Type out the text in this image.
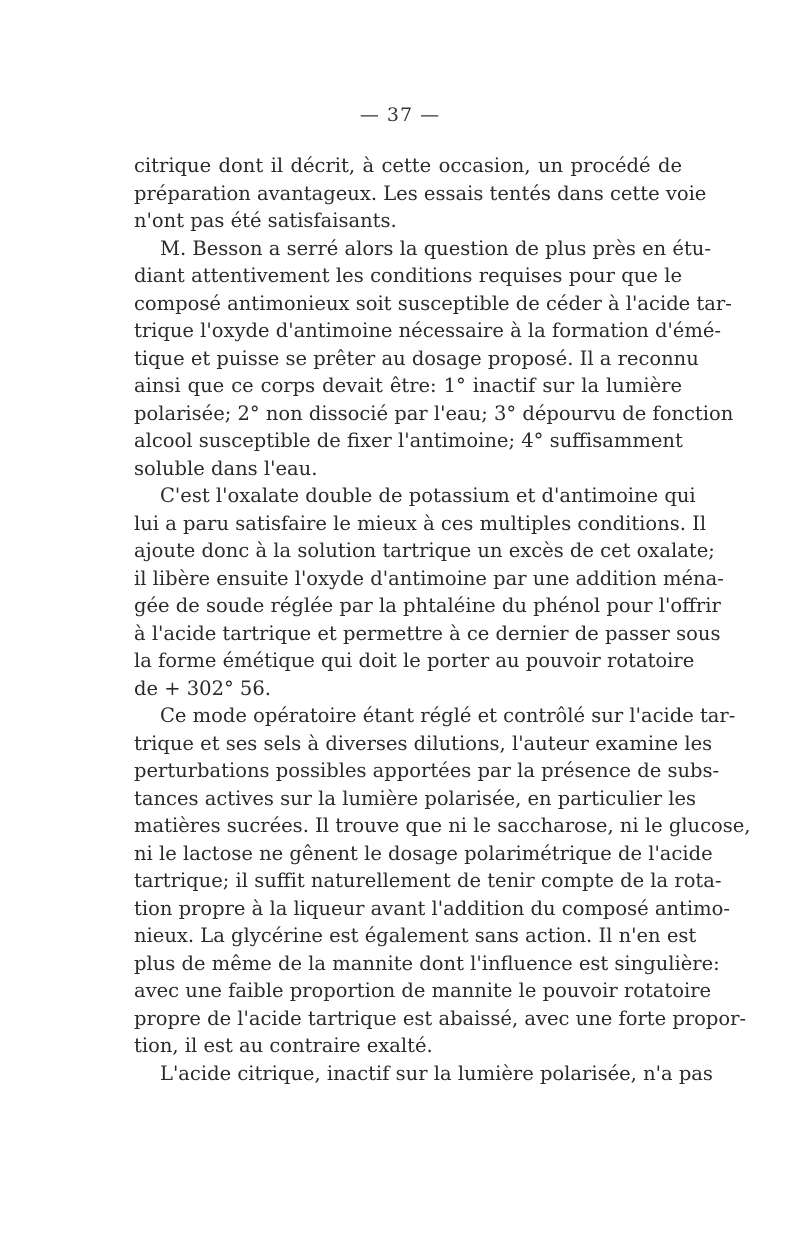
— 37 —
citrique dont il décrit, à cette occasion, un procédé de
préparation avantageux. Les essais tentés dans cette voie
n'ont pas été satisfaisants.
M. Besson a serré alors la question de plus près en étu-
diant attentivement les conditions requises pour que le
composé antimonieux soit susceptible de céder à l'acide tar-
trique l'oxyde d'antimoine nécessaire à la formation d'émé-
tique et puisse se prêter au dosage proposé. Il a reconnu
ainsi que ce corps devait être: 1° inactif sur la lumière
polarisée; 2° non dissocié par l'eau; 3° dépourvu de fonction
alcool susceptible de fixer l'antimoine; 4° suffisamment
soluble dans l'eau.
C'est l'oxalate double de potassium et d'antimoine qui
lui a paru satisfaire le mieux à ces multiples conditions. Il
ajoute donc à la solution tartrique un excès de cet oxalate;
il libère ensuite l'oxyde d'antimoine par une addition ména-
gée de soude réglée par la phtaléine du phénol pour l'offrir
à l'acide tartrique et permettre à ce dernier de passer sous
la forme émétique qui doit le porter au pouvoir rotatoire
de + 302° 56.
Ce mode opératoire étant réglé et contrôlé sur l'acide tar-
trique et ses sels à diverses dilutions, l'auteur examine les
perturbations possibles apportées par la présence de subs-
tances actives sur la lumière polarisée, en particulier les
matières sucrées. Il trouve que ni le saccharose, ni le glucose,
ni le lactose ne gênent le dosage polarimétrique de l'acide
tartrique; il suffit naturellement de tenir compte de la rota-
tion propre à la liqueur avant l'addition du composé antimo-
nieux. La glycérine est également sans action. Il n'en est
plus de même de la mannite dont l'influence est singulière:
avec une faible proportion de mannite le pouvoir rotatoire
propre de l'acide tartrique est abaissé, avec une forte propor-
tion, il est au contraire exalté.
L'acide citrique, inactif sur la lumière polarisée, n'a pas
